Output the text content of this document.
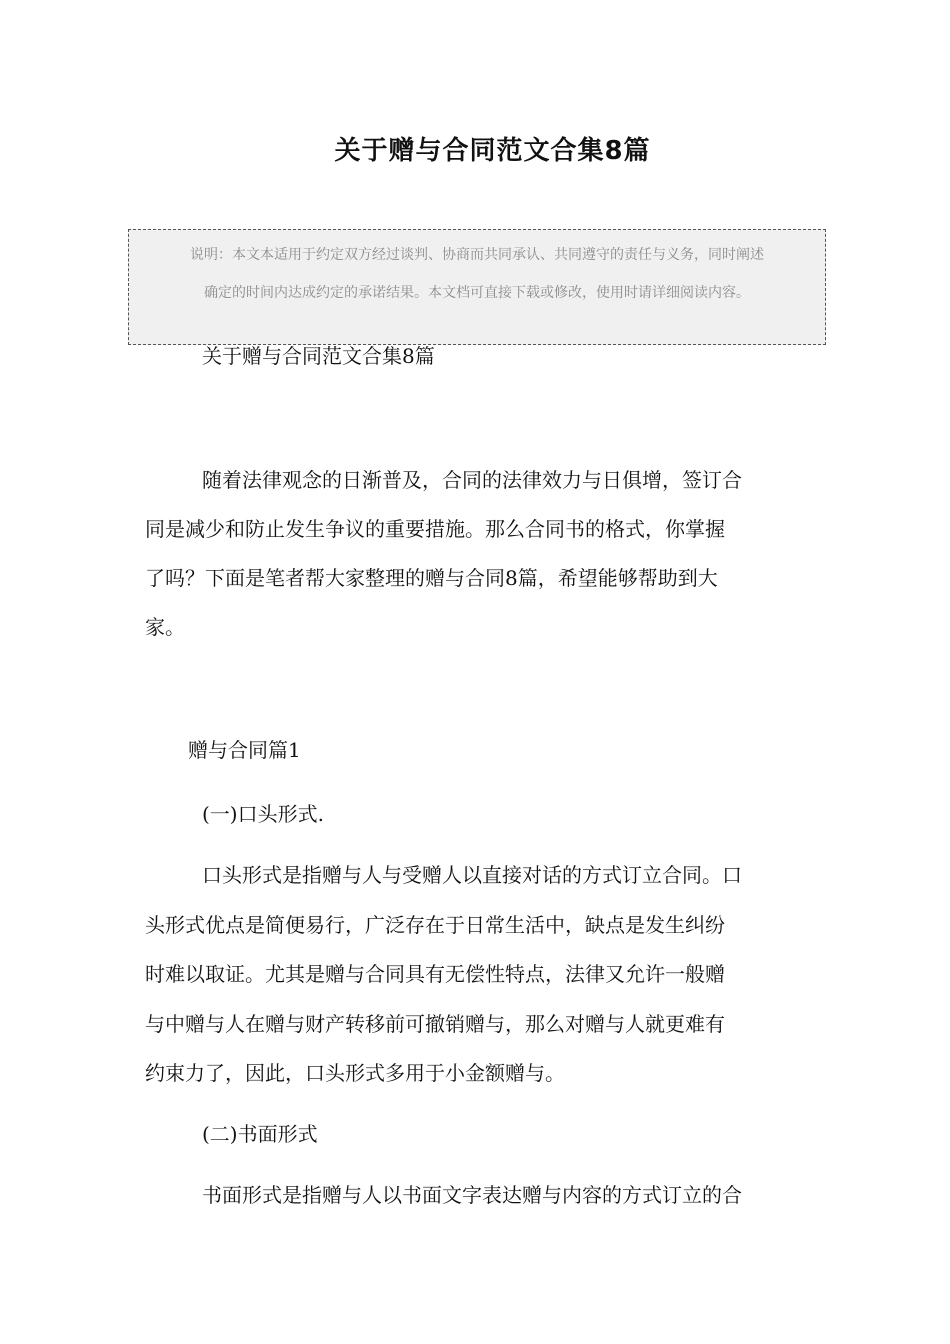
关于赠与合同范文合集8篇
说明：本文本适用于约定双方经过谈判、协商而共同承认、共同遵守的责任与义务，同时阐述
确定的时间内达成约定的承诺结果。本文档可直接下载或修改，使用时请详细阅读内容。
关于赠与合同范文合集8篇
随着法律观念的日渐普及，合同的法律效力与日俱增，签订合
同是减少和防止发生争议的重要措施。那么合同书的格式，你掌握
了吗？下面是笔者帮大家整理的赠与合同8篇，希望能够帮助到大
家。
赠与合同篇1
(一)口头形式.
口头形式是指赠与人与受赠人以直接对话的方式订立合同。口
头形式优点是简便易行，广泛存在于日常生活中，缺点是发生纠纷
时难以取证。尤其是赠与合同具有无偿性特点，法律又允许一般赠
与中赠与人在赠与财产转移前可撤销赠与，那么对赠与人就更难有
约束力了，因此，口头形式多用于小金额赠与。
(二)书面形式
书面形式是指赠与人以书面文字表达赠与内容的方式订立的合
